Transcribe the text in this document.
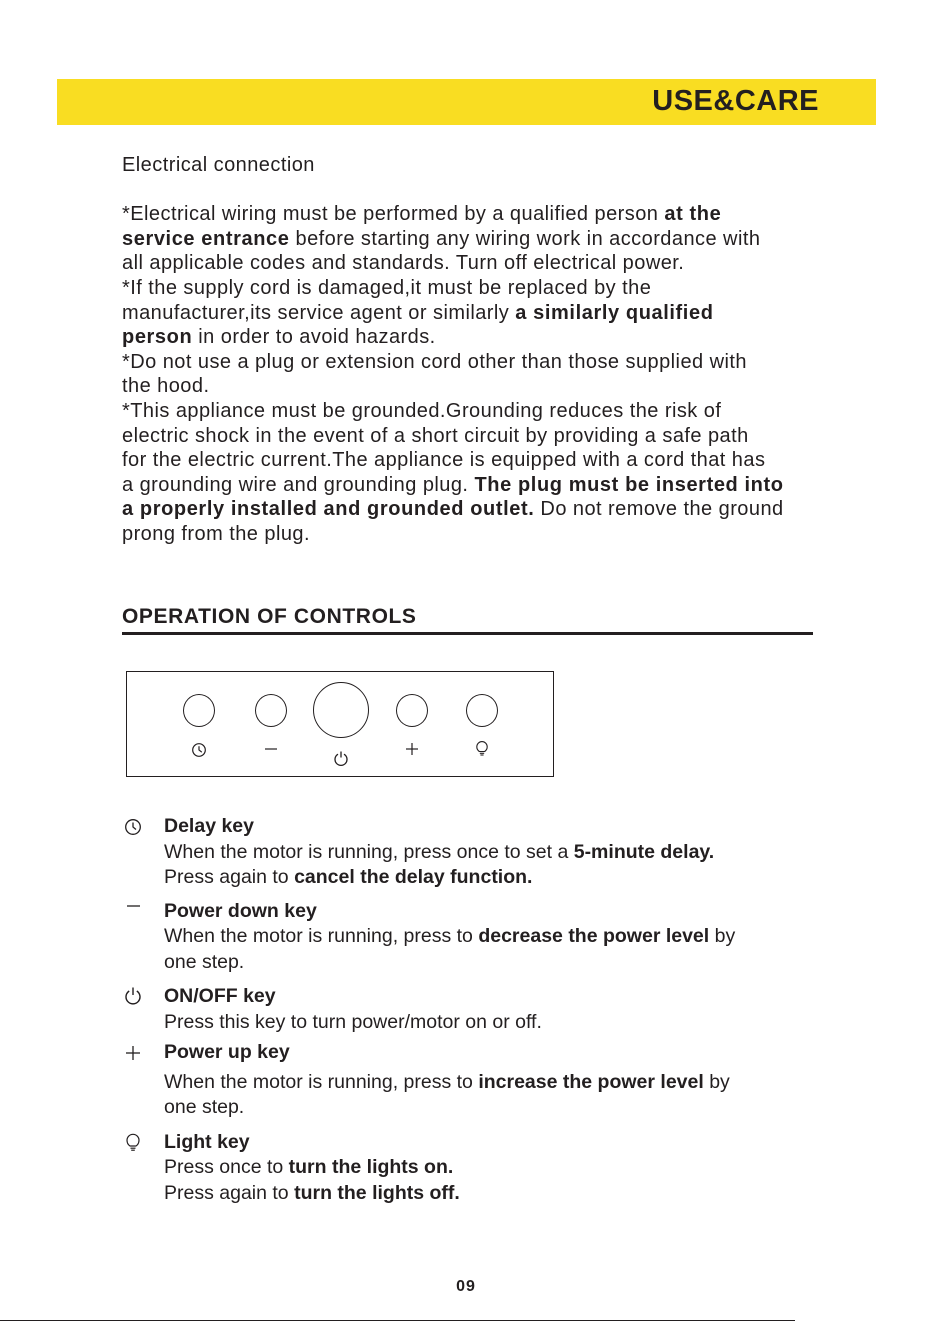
USE&CARE

Electrical connection

*Electrical wiring must be performed by a qualified person at the
service entrance before starting any wiring work in accordance with
all applicable codes and standards. Turn off electrical power.

*If the supply cord is damaged,it must be replaced by the
manufacturer,its service agent or similarly a similarly qualified
person in order to avoid hazards.

*Do not use a plug or extension cord other than those supplied with
the hood.

*This appliance must be grounded.Grounding reduces the risk of
electric shock in the event of a short circuit by providing a safe path
for the electric current.The appliance is equipped with a cord that has
a grounding wire and grounding plug. The plug must be inserted into
a properly installed and grounded outlet. Do not remove the ground
prong from the plug.

OPERATION OF CONTROLS

Delay key

When the motor is running, press once to set a 5-minute delay.

Press again to cancel the delay function.

Power down key

When the motor is running, press to decrease the power level by

one step.

ON/OFF key

Press this key to turn power/motor on or off.

Power up key

When the motor is running, press to increase the power level by

one step.

Light key

Press once to turn the lights on.

Press again to turn the lights off.

09
